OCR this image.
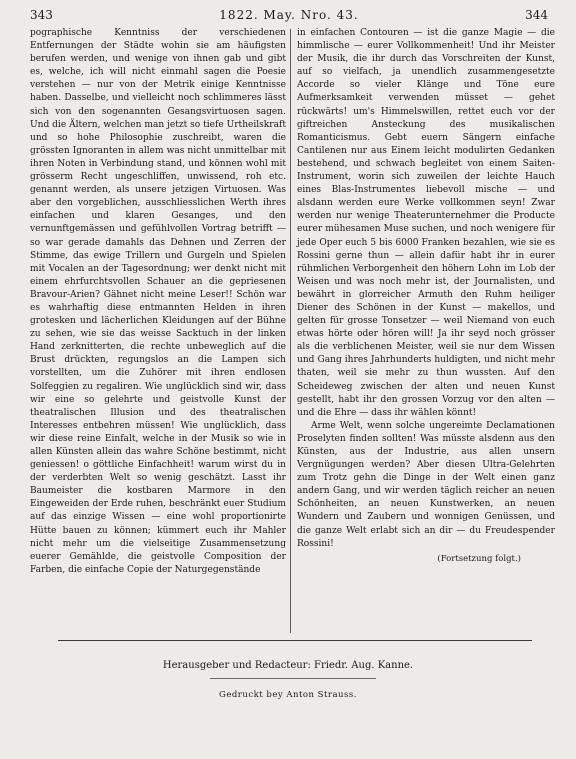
343	1822. May. Nro. 43.	344

pographische Kenntniss der verschiedenen Entfernungen der Städte wohin sie am häufigsten berufen werden, und wenige von ihnen gab und gibt es, welche, ich will nicht einmahl sagen die Poesie verstehen — nur von der Metrik einige Kenntnisse haben. Dasselbe, und vielleicht noch schlimmeres lässt sich von den sogenannten Gesangsvirtuosen sagen. Und die Ältern, welchen man jetzt so tiefe Urtheilskraft und so hohe Philosophie zuschreibt, waren die grössten Ignoranten in allem was nicht unmittelbar mit ihren Noten in Verbindung stand, und können wohl mit grösserm Recht ungeschliffen, unwissend, roh etc. genannt werden, als unsere jetzigen Virtuosen. Was aber den vorgeblichen, ausschliesslichen Werth ihres einfachen und klaren Gesanges, und den vernunftgemässen und gefühlvollen Vortrag betrifft — so war gerade damahls das Dehnen und Zerren der Stimme, das ewige Trillern und Gurgeln und Spielen mit Vocalen an der Tagesordnung; wer denkt nicht mit einem ehrfurchtsvollen Schauer an die gepriesenen Bravour-Arien? Gähnet nicht meine Leser!! Schön war es wahrhaftig diese entmannten Helden in ihren grotesken und lächerlichen Kleidungen auf der Bühne zu sehen, wie sie das weisse Sacktuch in der linken Hand zerknitterten, die rechte unbeweglich auf die Brust drückten, regungslos an die Lampen sich vorstellten, um die Zuhörer mit ihren endlosen Solfeggien zu regaliren. Wie unglücklich sind wir, dass wir eine so gelehrte und geistvolle Kunst der theatralischen Illusion und des theatralischen Interesses entbehren müssen! Wie unglücklich, dass wir diese reine Einfalt, welche in der Musik so wie in allen Künsten allein das wahre Schöne bestimmt, nicht geniessen! o göttliche Einfachheit! warum wirst du in der verderbten Welt so wenig geschätzt. Lasst ihr Baumeister die kostbaren Marmore in den Eingeweiden der Erde ruhen, beschränkt euer Studium auf das einzige Wissen — eine wohl proportionirte Hütte bauen zu können; kümmert euch ihr Mahler nicht mehr um die vielseitige Zusammensetzung euerer Gemählde, die geistvolle Composition der Farben, die einfache Copie der Naturgegenstände

in einfachen Contouren — ist die ganze Magie — die himmlische — eurer Vollkommenheit! Und ihr Meister der Musik, die ihr durch das Vorschreiten der Kunst, auf so vielfach, ja unendlich zusammengesetzte Accorde so vieler Klänge und Töne eure Aufmerksamkeit verwenden müsset — gehet rückwärts! um's Himmelswillen, rettet euch vor der giftreichen Ansteckung des musikalischen Romanticismus. Gebt euern Sängern einfache Cantilenen nur aus Einem leicht modulirten Gedanken bestehend, und schwach begleitet von einem Saiten-Instrument, worin sich zuweilen der leichte Hauch eines Blas-Instrumentes liebevoll mische — und alsdann werden eure Werke vollkommen seyn! Zwar werden nur wenige Theaterunternehmer die Producte eurer mühesamen Muse suchen, und noch wenigere für jede Oper euch 5 bis 6000 Franken bezahlen, wie sie es Rossini gerne thun — allein dafür habt ihr in eurer rühmlichen Verborgenheit den höhern Lohn im Lob der Weisen und was noch mehr ist, der Journalisten, und bewährt in glorreicher Armuth den Ruhm heiliger Diener des Schönen in der Kunst — makellos, und gelten für grosse Tonsetzer — weil Niemand von euch etwas hörte oder hören will! Ja ihr seyd noch grösser als die verblichenen Meister, weil sie nur dem Wissen und Gang ihres Jahrhunderts huldigten, und nicht mehr thaten, weil sie mehr zu thun wussten. Auf den Scheideweg zwischen der alten und neuen Kunst gestellt, habt ihr den grossen Vorzug vor den alten — und die Ehre — dass ihr wählen könnt!

Arme Welt, wenn solche ungereimte Declamationen Proselyten finden sollten! Was müsste alsdenn aus den Künsten, aus der Industrie, aus allen unsern Vergnügungen werden? Aber diesen Ultra-Gelehrten zum Trotz gehn die Dinge in der Welt einen ganz andern Gang, und wir werden täglich reicher an neuen Schönheiten, an neuen Kunstwerken, an neuen Wundern und Zaubern und wonnigen Genüssen, und die ganze Welt erlabt sich an dir — du Freudespender Rossini!

(Fortsetzung folgt.)

Herausgeber und Redacteur: Friedr. Aug. Kanne.
Gedruckt bey Anton Strauss.
